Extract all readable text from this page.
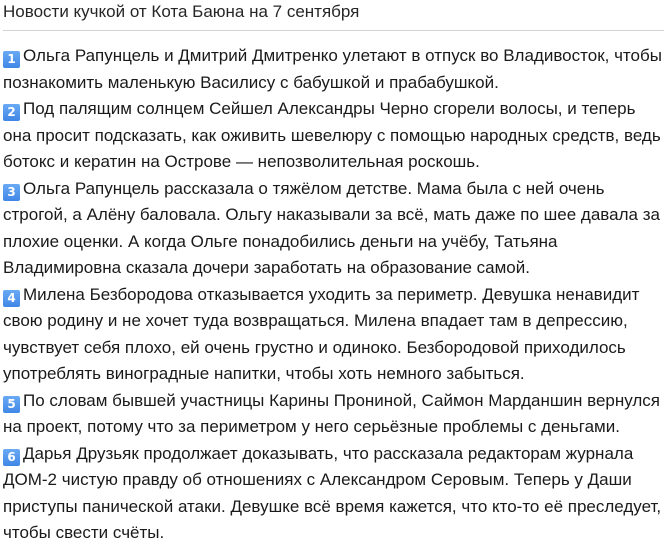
Новости кучкой от Кота Баюна на 7 сентября
1 Ольга Рапунцель и Дмитрий Дмитренко улетают в отпуск во Владивосток, чтобы познакомить маленькую Василису с бабушкой и прабабушкой.
2 Под палящим солнцем Сейшел Александры Черно сгорели волосы, и теперь она просит подсказать, как оживить шевелюру с помощью народных средств, ведь ботокс и кератин на Острове — непозволительная роскошь.
3 Ольга Рапунцель рассказала о тяжёлом детстве. Мама была с ней очень строгой, а Алёну баловала. Ольгу наказывали за всё, мать даже по шее давала за плохие оценки. А когда Ольге понадобились деньги на учёбу, Татьяна Владимировна сказала дочери заработать на образование самой.
4 Милена Безбородова отказывается уходить за периметр. Девушка ненавидит свою родину и не хочет туда возвращаться. Милена впадает там в депрессию, чувствует себя плохо, ей очень грустно и одиноко. Безбородовой приходилось употреблять виноградные напитки, чтобы хоть немного забыться.
5 По словам бывшей участницы Карины Прониной, Саймон Марданшин вернулся на проект, потому что за периметром у него серьёзные проблемы с деньгами.
6 Дарья Друзьяк продолжает доказывать, что рассказала редакторам журнала ДОМ-2 чистую правду об отношениях с Александром Серовым. Теперь у Даши приступы панической атаки. Девушке всё время кажется, что кто-то её преследует, чтобы свести счёты.
